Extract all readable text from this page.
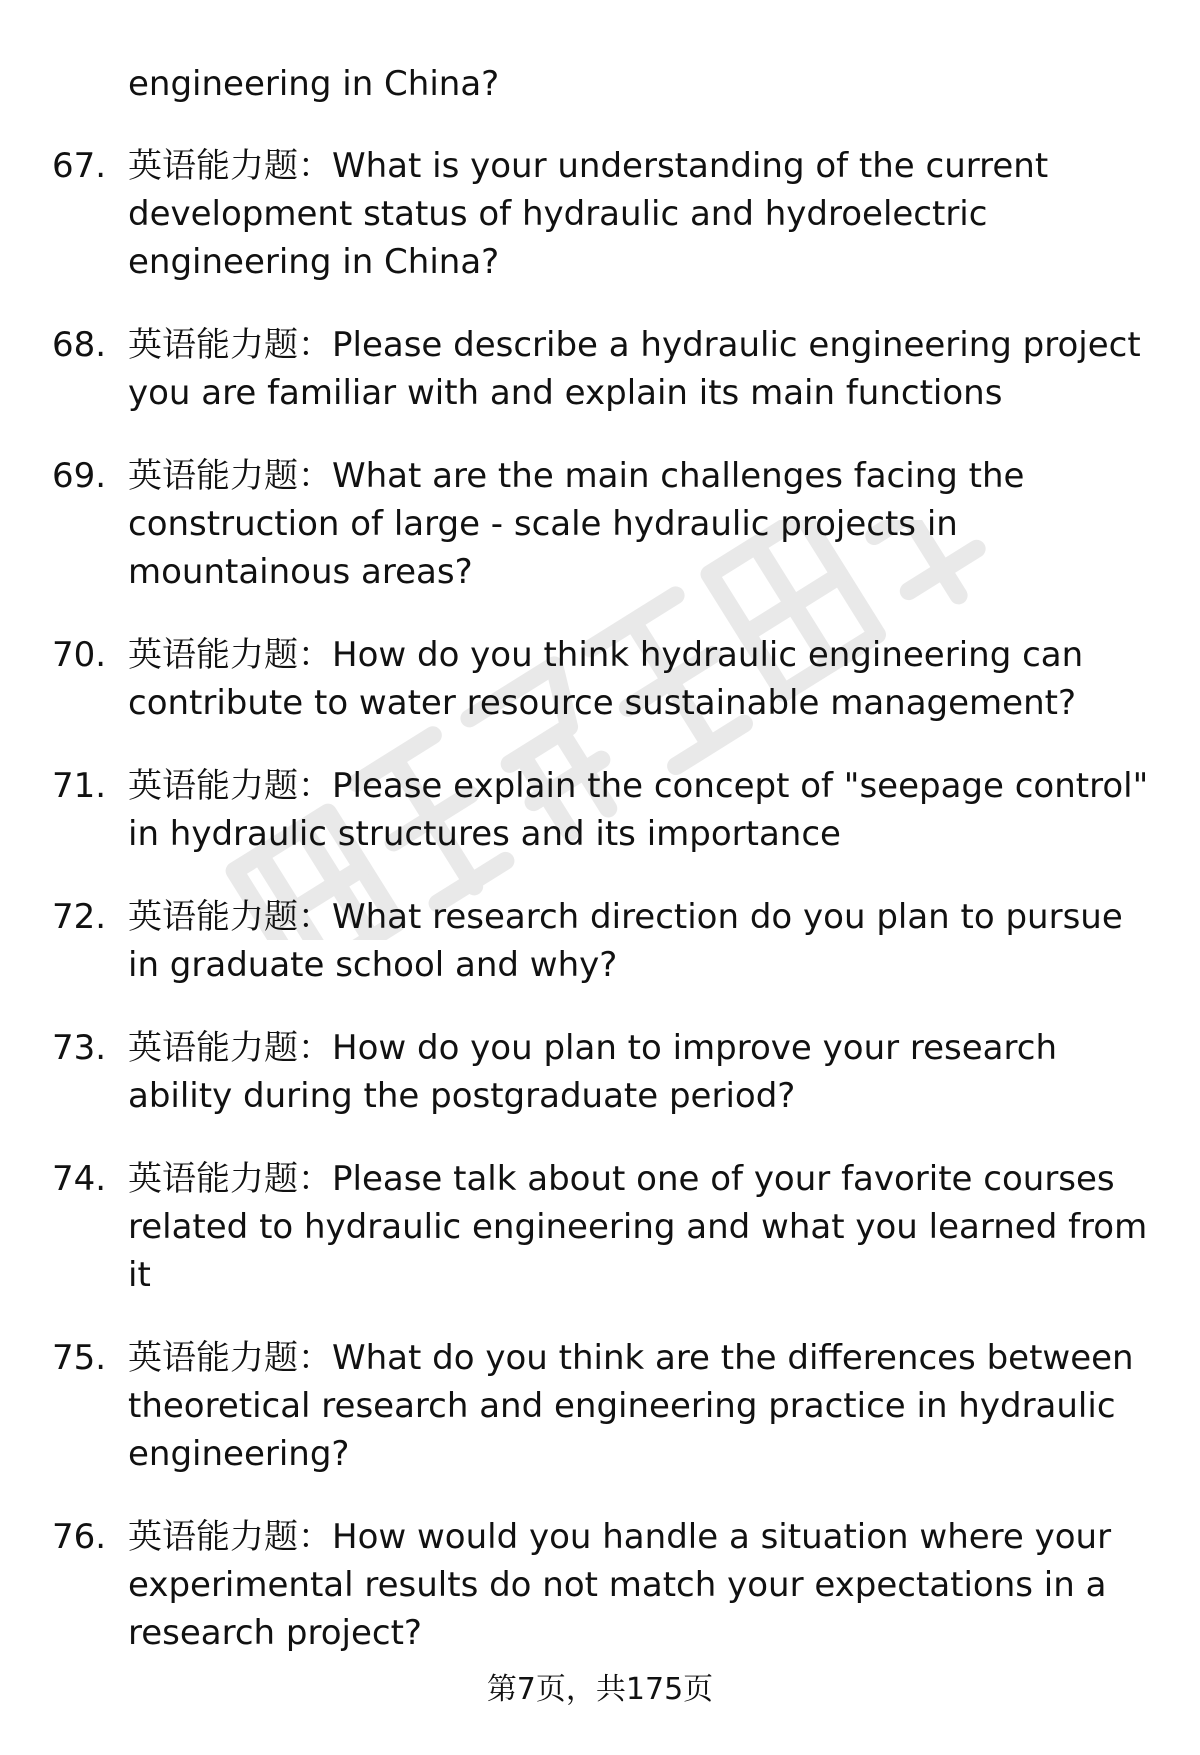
engineering in China?

67. 英语能力题：What is your understanding of the current development status of hydraulic and hydroelectric engineering in China?
68. 英语能力题：Please describe a hydraulic engineering project you are familiar with and explain its main functions
69. 英语能力题：What are the main challenges facing the construction of large - scale hydraulic projects in mountainous areas?
70. 英语能力题：How do you think hydraulic engineering can contribute to water resource sustainable management?
71. 英语能力题：Please explain the concept of "seepage control" in hydraulic structures and its importance
72. 英语能力题：What research direction do you plan to pursue in graduate school and why?
73. 英语能力题：How do you plan to improve your research ability during the postgraduate period?
74. 英语能力题：Please talk about one of your favorite courses related to hydraulic engineering and what you learned from it
75. 英语能力题：What do you think are the differences between theoretical research and engineering practice in hydraulic engineering?
76. 英语能力题：How would you handle a situation where your experimental results do not match your expectations in a research project?
第7页，共175页
